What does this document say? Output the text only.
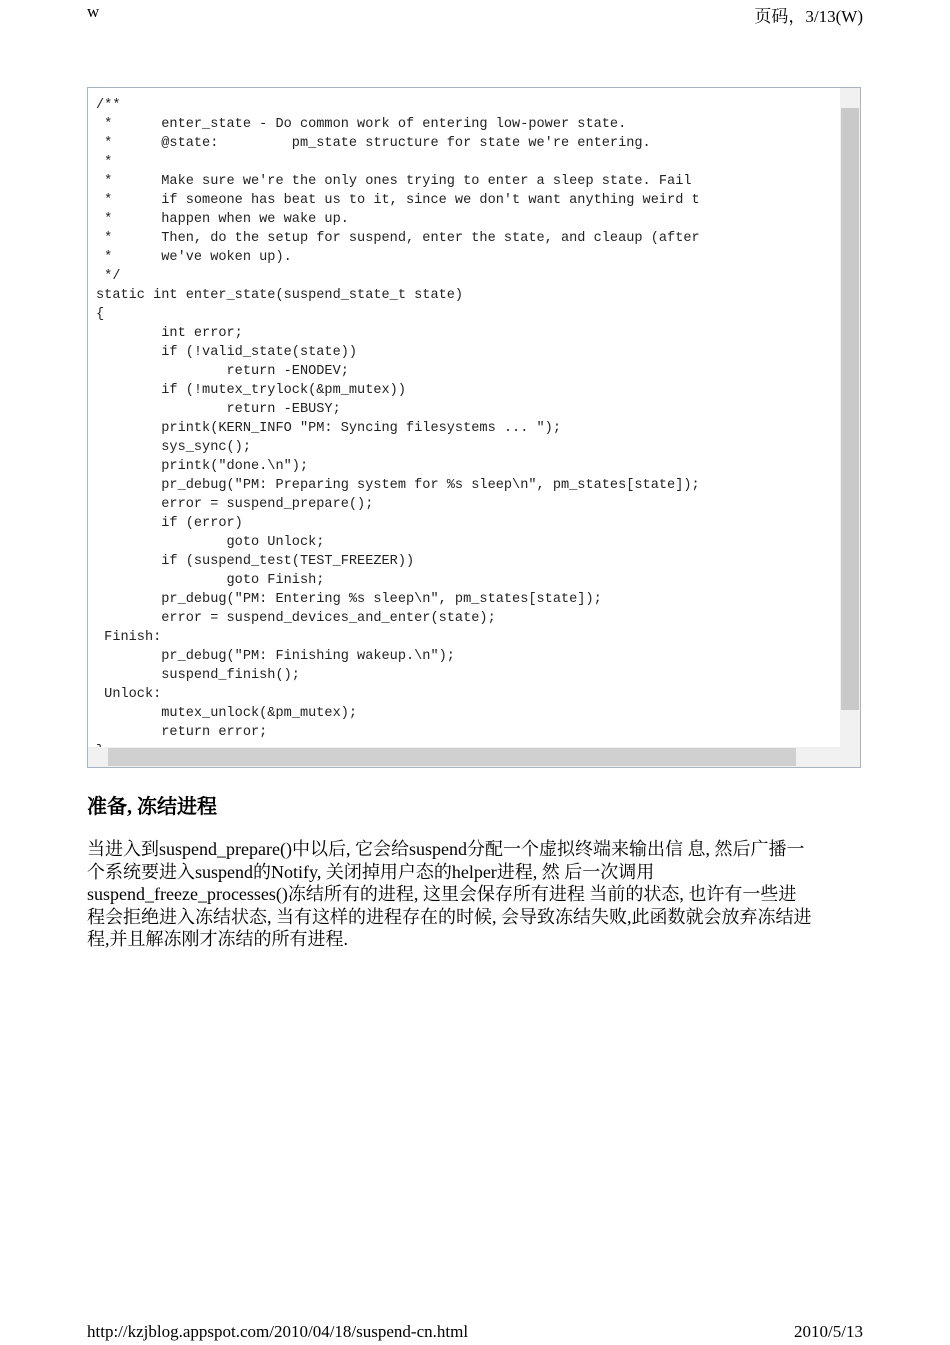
w	页码，3/13(W)
/**
*      enter_state - Do common work of entering low-power state.
*      @state:         pm_state structure for state we're entering.
*
*      Make sure we're the only ones trying to enter a sleep state. Fail
*      if someone has beat us to it, since we don't want anything weird t
*      happen when we wake up.
*      Then, do the setup for suspend, enter the state, and cleaup (after
*      we've woken up).
*/
static int enter_state(suspend_state_t state)
{
int error;
if (!valid_state(state))
return -ENODEV;
if (!mutex_trylock(&pm_mutex))
return -EBUSY;
printk(KERN_INFO "PM: Syncing filesystems ... ");
sys_sync();
printk("done.\n");
pr_debug("PM: Preparing system for %s sleep\n", pm_states[state]);
error = suspend_prepare();
if (error)
goto Unlock;
if (suspend_test(TEST_FREEZER))
goto Finish;
pr_debug("PM: Entering %s sleep\n", pm_states[state]);
error = suspend_devices_and_enter(state);
Finish:
pr_debug("PM: Finishing wakeup.\n");
suspend_finish();
Unlock:
mutex_unlock(&pm_mutex);
return error;

准备, 冻结进程
当进入到suspend_prepare()中以后, 它会给suspend分配一个虚拟终端来输出信 息, 然后广播一
个系统要进入suspend的Notify, 关闭掉用户态的helper进程, 然 后一次调用
suspend_freeze_processes()冻结所有的进程, 这里会保存所有进程 当前的状态, 也许有一些进
程会拒绝进入冻结状态, 当有这样的进程存在的时候, 会导致冻结失败,此函数就会放弃冻结进
程,并且解冻刚才冻结的所有进程.
http://kzjblog.appspot.com/2010/04/18/suspend-cn.html	2010/5/13
